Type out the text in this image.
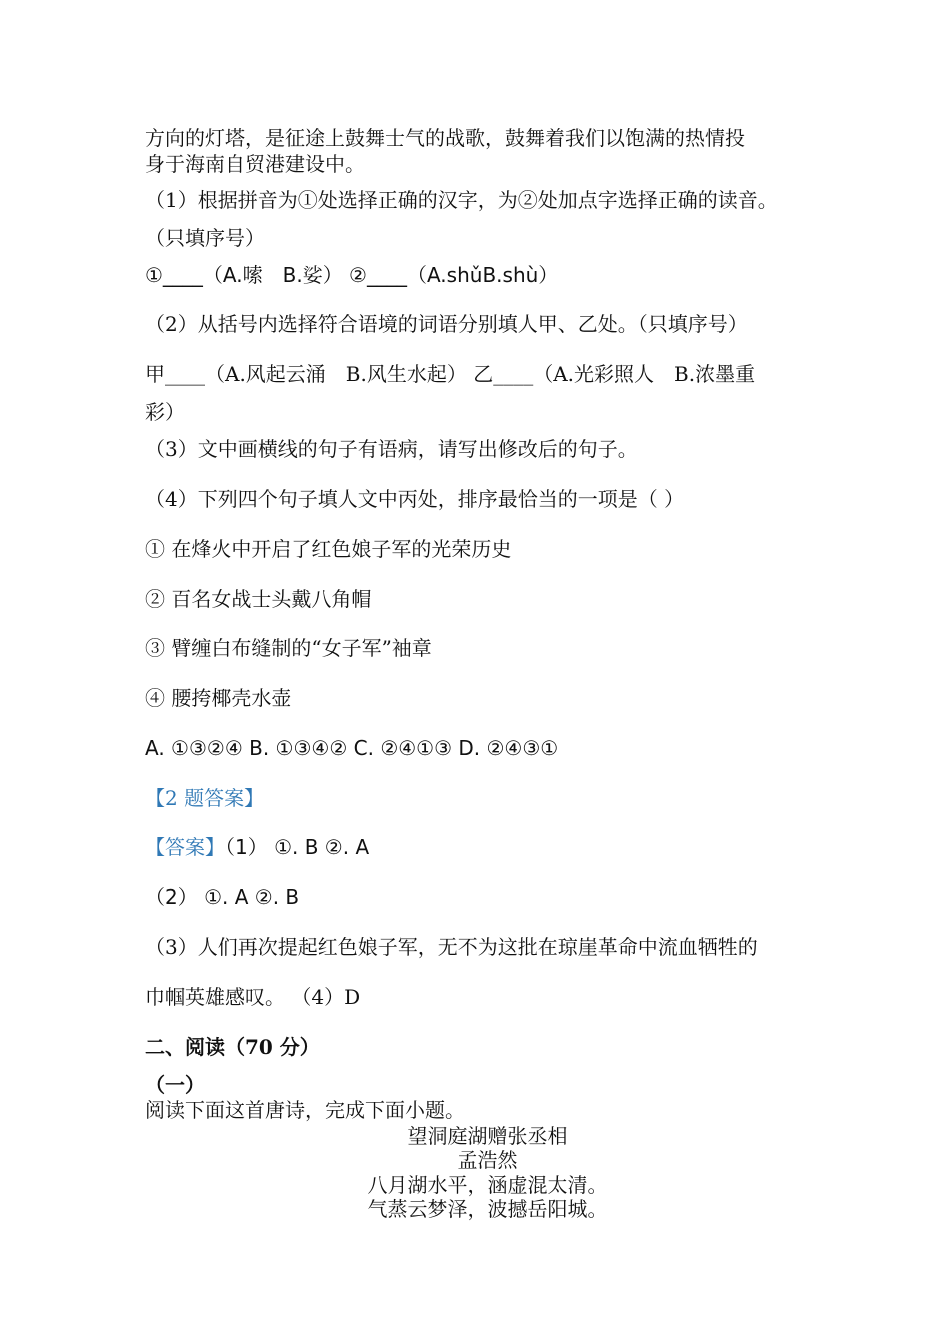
方向的灯塔，是征途上鼓舞士气的战歌，鼓舞着我们以饱满的热情投
身于海南自贸港建设中。
（1）根据拼音为①处选择正确的汉字，为②处加点字选择正确的读音。
（只填序号）
①____（A.嗦　B.娑） ②____（A.shǔB.shù）
（2）从括号内选择符合语境的词语分别填人甲、乙处。（只填序号）
甲____（A.风起云涌　B.风生水起） 乙____（A.光彩照人　B.浓墨重
彩）
（3）文中画横线的句子有语病，请写出修改后的句子。
（4）下列四个句子填人文中丙处，排序最恰当的一项是（ ）
① 在烽火中开启了红色娘子军的光荣历史
② 百名女战士头戴八角帽
③ 臂缠白布缝制的“女子军”袖章
④ 腰挎椰壳水壶
A. ①③②④ B. ①③④② C. ②④①③ D. ②④③①
【2 题答案】
【答案】（1） ①. B ②. A
（2） ①. A ②. B
（3）人们再次提起红色娘子军，无不为这批在琼崖革命中流血牺牲的
巾帼英雄感叹。 （4）D
二、阅读（70 分）
（一）
阅读下面这首唐诗，完成下面小题。
望洞庭湖赠张丞相
孟浩然
八月湖水平，涵虚混太清。
气蒸云梦泽，波撼岳阳城。
